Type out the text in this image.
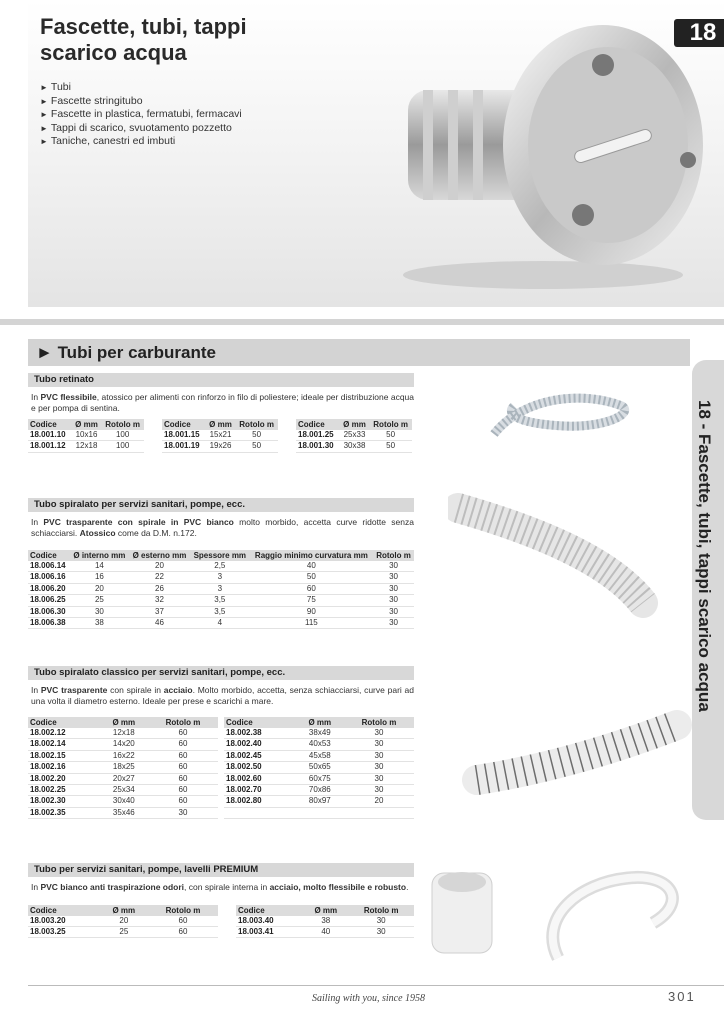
Fascette, tubi, tappi
scarico acqua
► Tubi
► Fascette stringitubo
► Fascette in plastica, fermatubi, fermacavi
► Tappi di scarico, svuotamento pozzetto
► Taniche, canestri ed imbuti
18
18 - Fascette, tubi, tappi scarico acqua
► Tubi per carburante
Tubo retinato

In PVC flessibile, atossico per alimenti con rinforzo in filo di poliestere; ideale per distribuzione acqua e per pompa di sentina.

Codice	Ø mm	Rotolo m
18.001.10	10x16	100
18.001.12	12x18	100
Codice	Ø mm	Rotolo m
18.001.15	15x21	50
18.001.19	19x26	50
Codice	Ø mm	Rotolo m
18.001.25	25x33	50
18.001.30	30x38	50
Tubo spiralato per servizi sanitari, pompe, ecc.

In PVC trasparente con spirale in PVC bianco molto morbido, accetta curve ridotte senza schiacciarsi. Atossico come da D.M. n.172.

Codice	Ø interno mm	Ø esterno mm	Spessore mm	Raggio minimo curvatura mm	Rotolo m
18.006.14	14	20	2,5	40	30
18.006.16	16	22	3	50	30
18.006.20	20	26	3	60	30
18.006.25	25	32	3,5	75	30
18.006.30	30	37	3,5	90	30
18.006.38	38	46	4	115	30
Tubo spiralato classico per servizi sanitari, pompe, ecc.

In PVC trasparente con spirale in acciaio. Molto morbido, accetta, senza schiacciarsi, curve pari ad una volta il diametro esterno. Ideale per prese e scarichi a mare.

Codice	Ø mm	Rotolo m
18.002.12	12x18	60
18.002.14	14x20	60
18.002.15	16x22	60
18.002.16	18x25	60
18.002.20	20x27	60
18.002.25	25x34	60
18.002.30	30x40	60
18.002.35	35x46	30
Codice	Ø mm	Rotolo m
18.002.38	38x49	30
18.002.40	40x53	30
18.002.45	45x58	30
18.002.50	50x65	30
18.002.60	60x75	30
18.002.70	70x86	30
18.002.80	80x97	20

Tubo per servizi sanitari, pompe, lavelli PREMIUM

In PVC bianco anti traspirazione odori, con spirale interna in acciaio, molto flessibile e robusto.

Codice	Ø mm	Rotolo m
18.003.20	20	60
18.003.25	25	60
Codice	Ø mm	Rotolo m
18.003.40	38	30
18.003.41	40	30
Sailing with you, since 1958	301
